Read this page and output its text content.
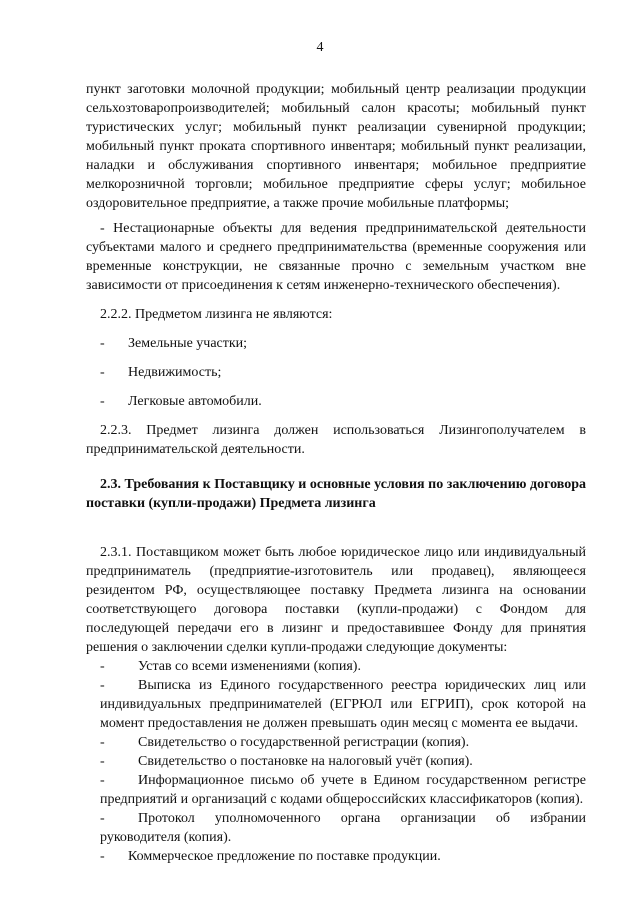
4

пункт заготовки молочной продукции; мобильный центр реализации продукции сельхозтоваропроизводителей; мобильный салон красоты; мобильный пункт туристических услуг; мобильный пункт реализации сувенирной продукции; мобильный пункт проката спортивного инвентаря; мобильный пункт реализации, наладки и обслуживания спортивного инвентаря; мобильное предприятие мелкорозничной торговли; мобильное предприятие сферы услуг; мобильное оздоровительное предприятие, а также прочие мобильные платформы;

- Нестационарные объекты для ведения предпринимательской деятельности субъектами малого и среднего предпринимательства (временные сооружения или временные конструкции, не связанные прочно с земельным участком вне зависимости от присоединения к сетям инженерно-технического обеспечения).

2.2.2. Предметом лизинга не являются:

- Земельные участки;

- Недвижимость;

- Легковые автомобили.

2.2.3. Предмет лизинга должен использоваться Лизингополучателем в предпринимательской деятельности.

2.3. Требования к Поставщику и основные условия по заключению договора поставки (купли-продажи) Предмета лизинга

2.3.1. Поставщиком может быть любое юридическое лицо или индивидуальный предприниматель (предприятие-изготовитель или продавец), являющееся резидентом РФ, осуществляющее поставку Предмета лизинга на основании соответствующего договора поставки (купли-продажи) с Фондом для последующей передачи его в лизинг и предоставившее Фонду для принятия решения о заключении сделки купли-продажи следующие документы:

- Устав со всеми изменениями (копия).

- Выписка из Единого государственного реестра юридических лиц или индивидуальных предпринимателей (ЕГРЮЛ или ЕГРИП), срок которой на момент предоставления не должен превышать один месяц с момента ее выдачи.

- Свидетельство о государственной регистрации (копия).

- Свидетельство о постановке на налоговый учёт (копия).

- Информационное письмо об учете в Едином государственном регистре предприятий и организаций с кодами общероссийских классификаторов (копия).

- Протокол уполномоченного органа организации об избрании руководителя (копия).

- Коммерческое предложение по поставке продукции.
